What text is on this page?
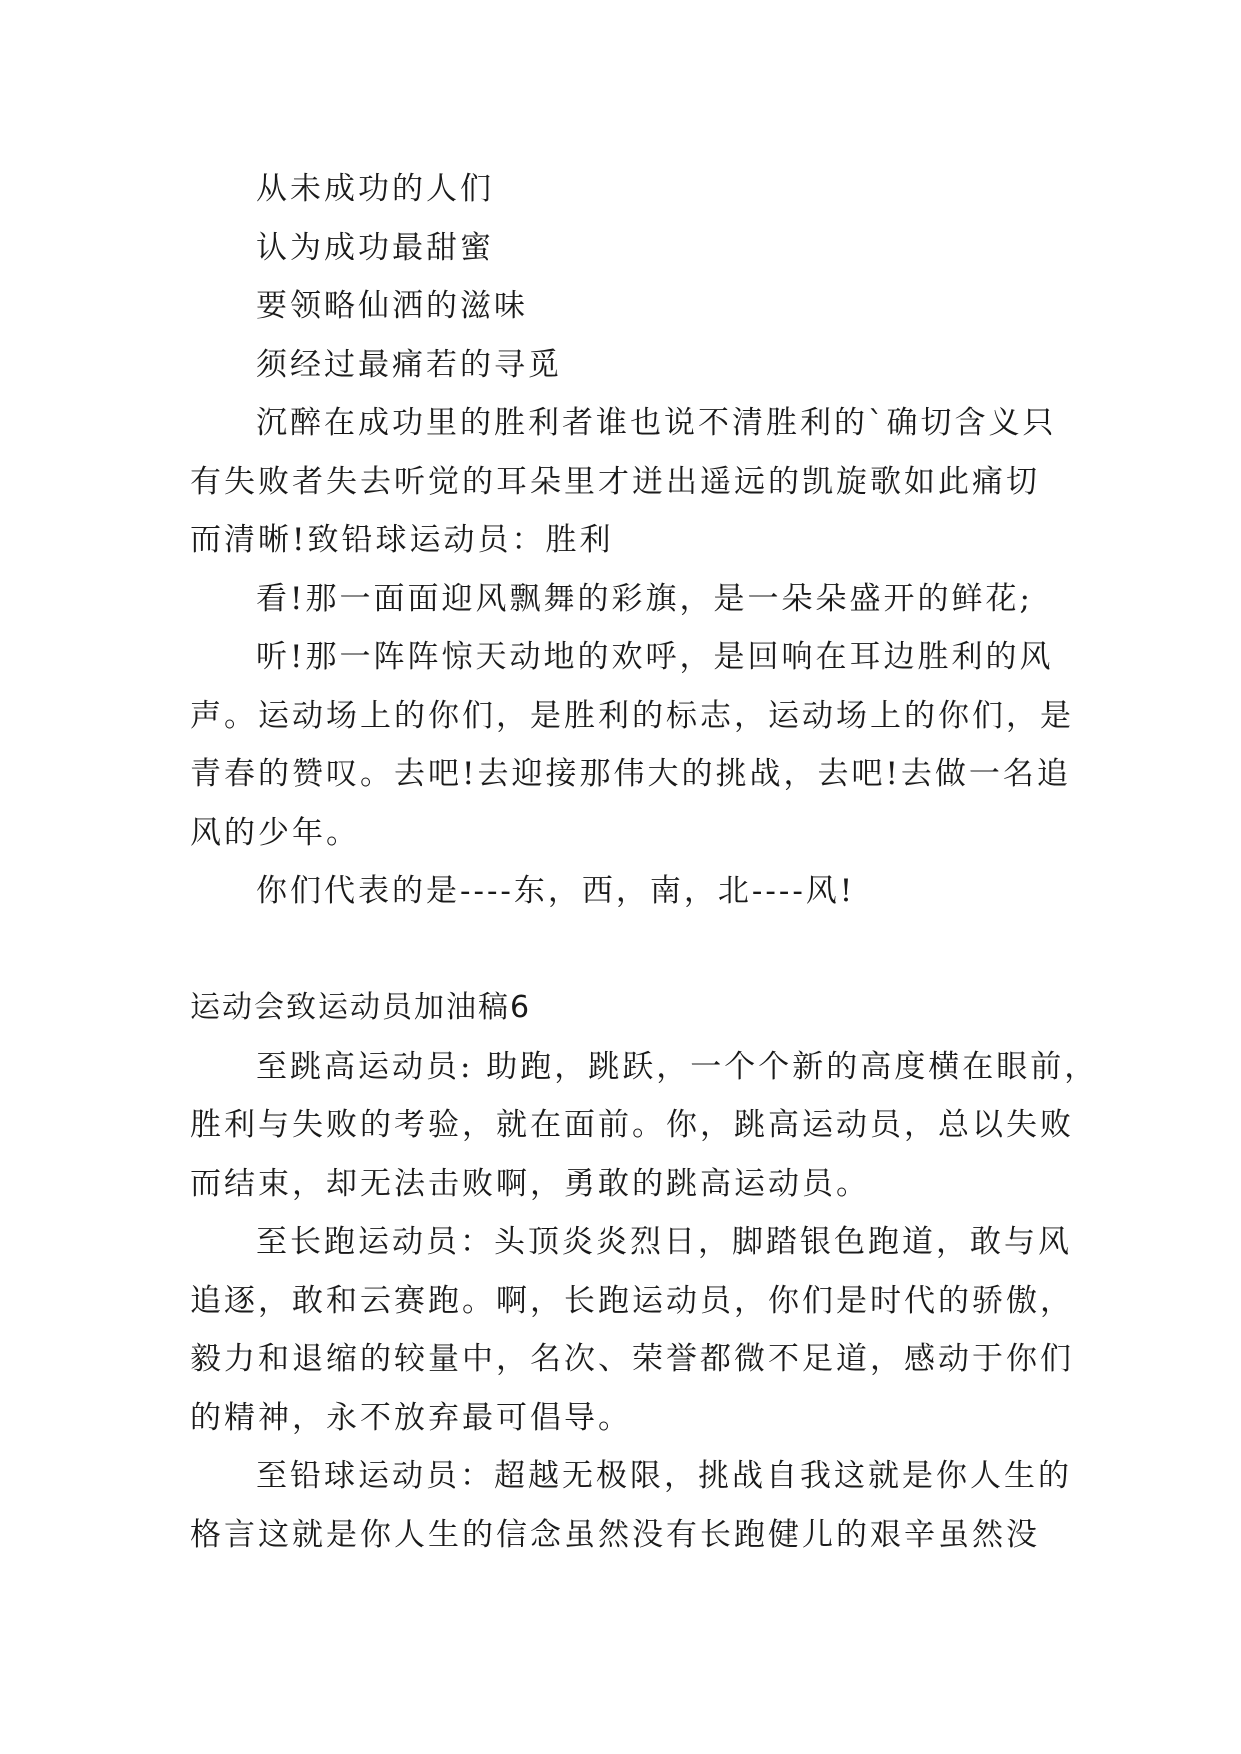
从未成功的人们
认为成功最甜蜜
要领略仙洒的滋味
须经过最痛若的寻觅
沉醉在成功里的胜利者谁也说不清胜利的`确切含义只
有失败者失去听觉的耳朵里才迸出遥远的凯旋歌如此痛切
而清晰!致铅球运动员：胜利
看!那一面面迎风飘舞的彩旗，是一朵朵盛开的鲜花;
听!那一阵阵惊天动地的欢呼，是回响在耳边胜利的风
声。运动场上的你们，是胜利的标志，运动场上的你们，是
青春的赞叹。去吧!去迎接那伟大的挑战，去吧!去做一名追
风的少年。
你们代表的是----东，西，南，北----风!
运动会致运动员加油稿6
至跳高运动员: 助跑，跳跃，一个个新的高度横在眼前，
胜利与失败的考验，就在面前。你，跳高运动员，总以失败
而结束，却无法击败啊，勇敢的跳高运动员。
至长跑运动员：头顶炎炎烈日，脚踏银色跑道，敢与风
追逐，敢和云赛跑。啊，长跑运动员，你们是时代的骄傲，
毅力和退缩的较量中，名次、荣誉都微不足道，感动于你们
的精神，永不放弃最可倡导。
至铅球运动员：超越无极限，挑战自我这就是你人生的
格言这就是你人生的信念虽然没有长跑健儿的艰辛虽然没
